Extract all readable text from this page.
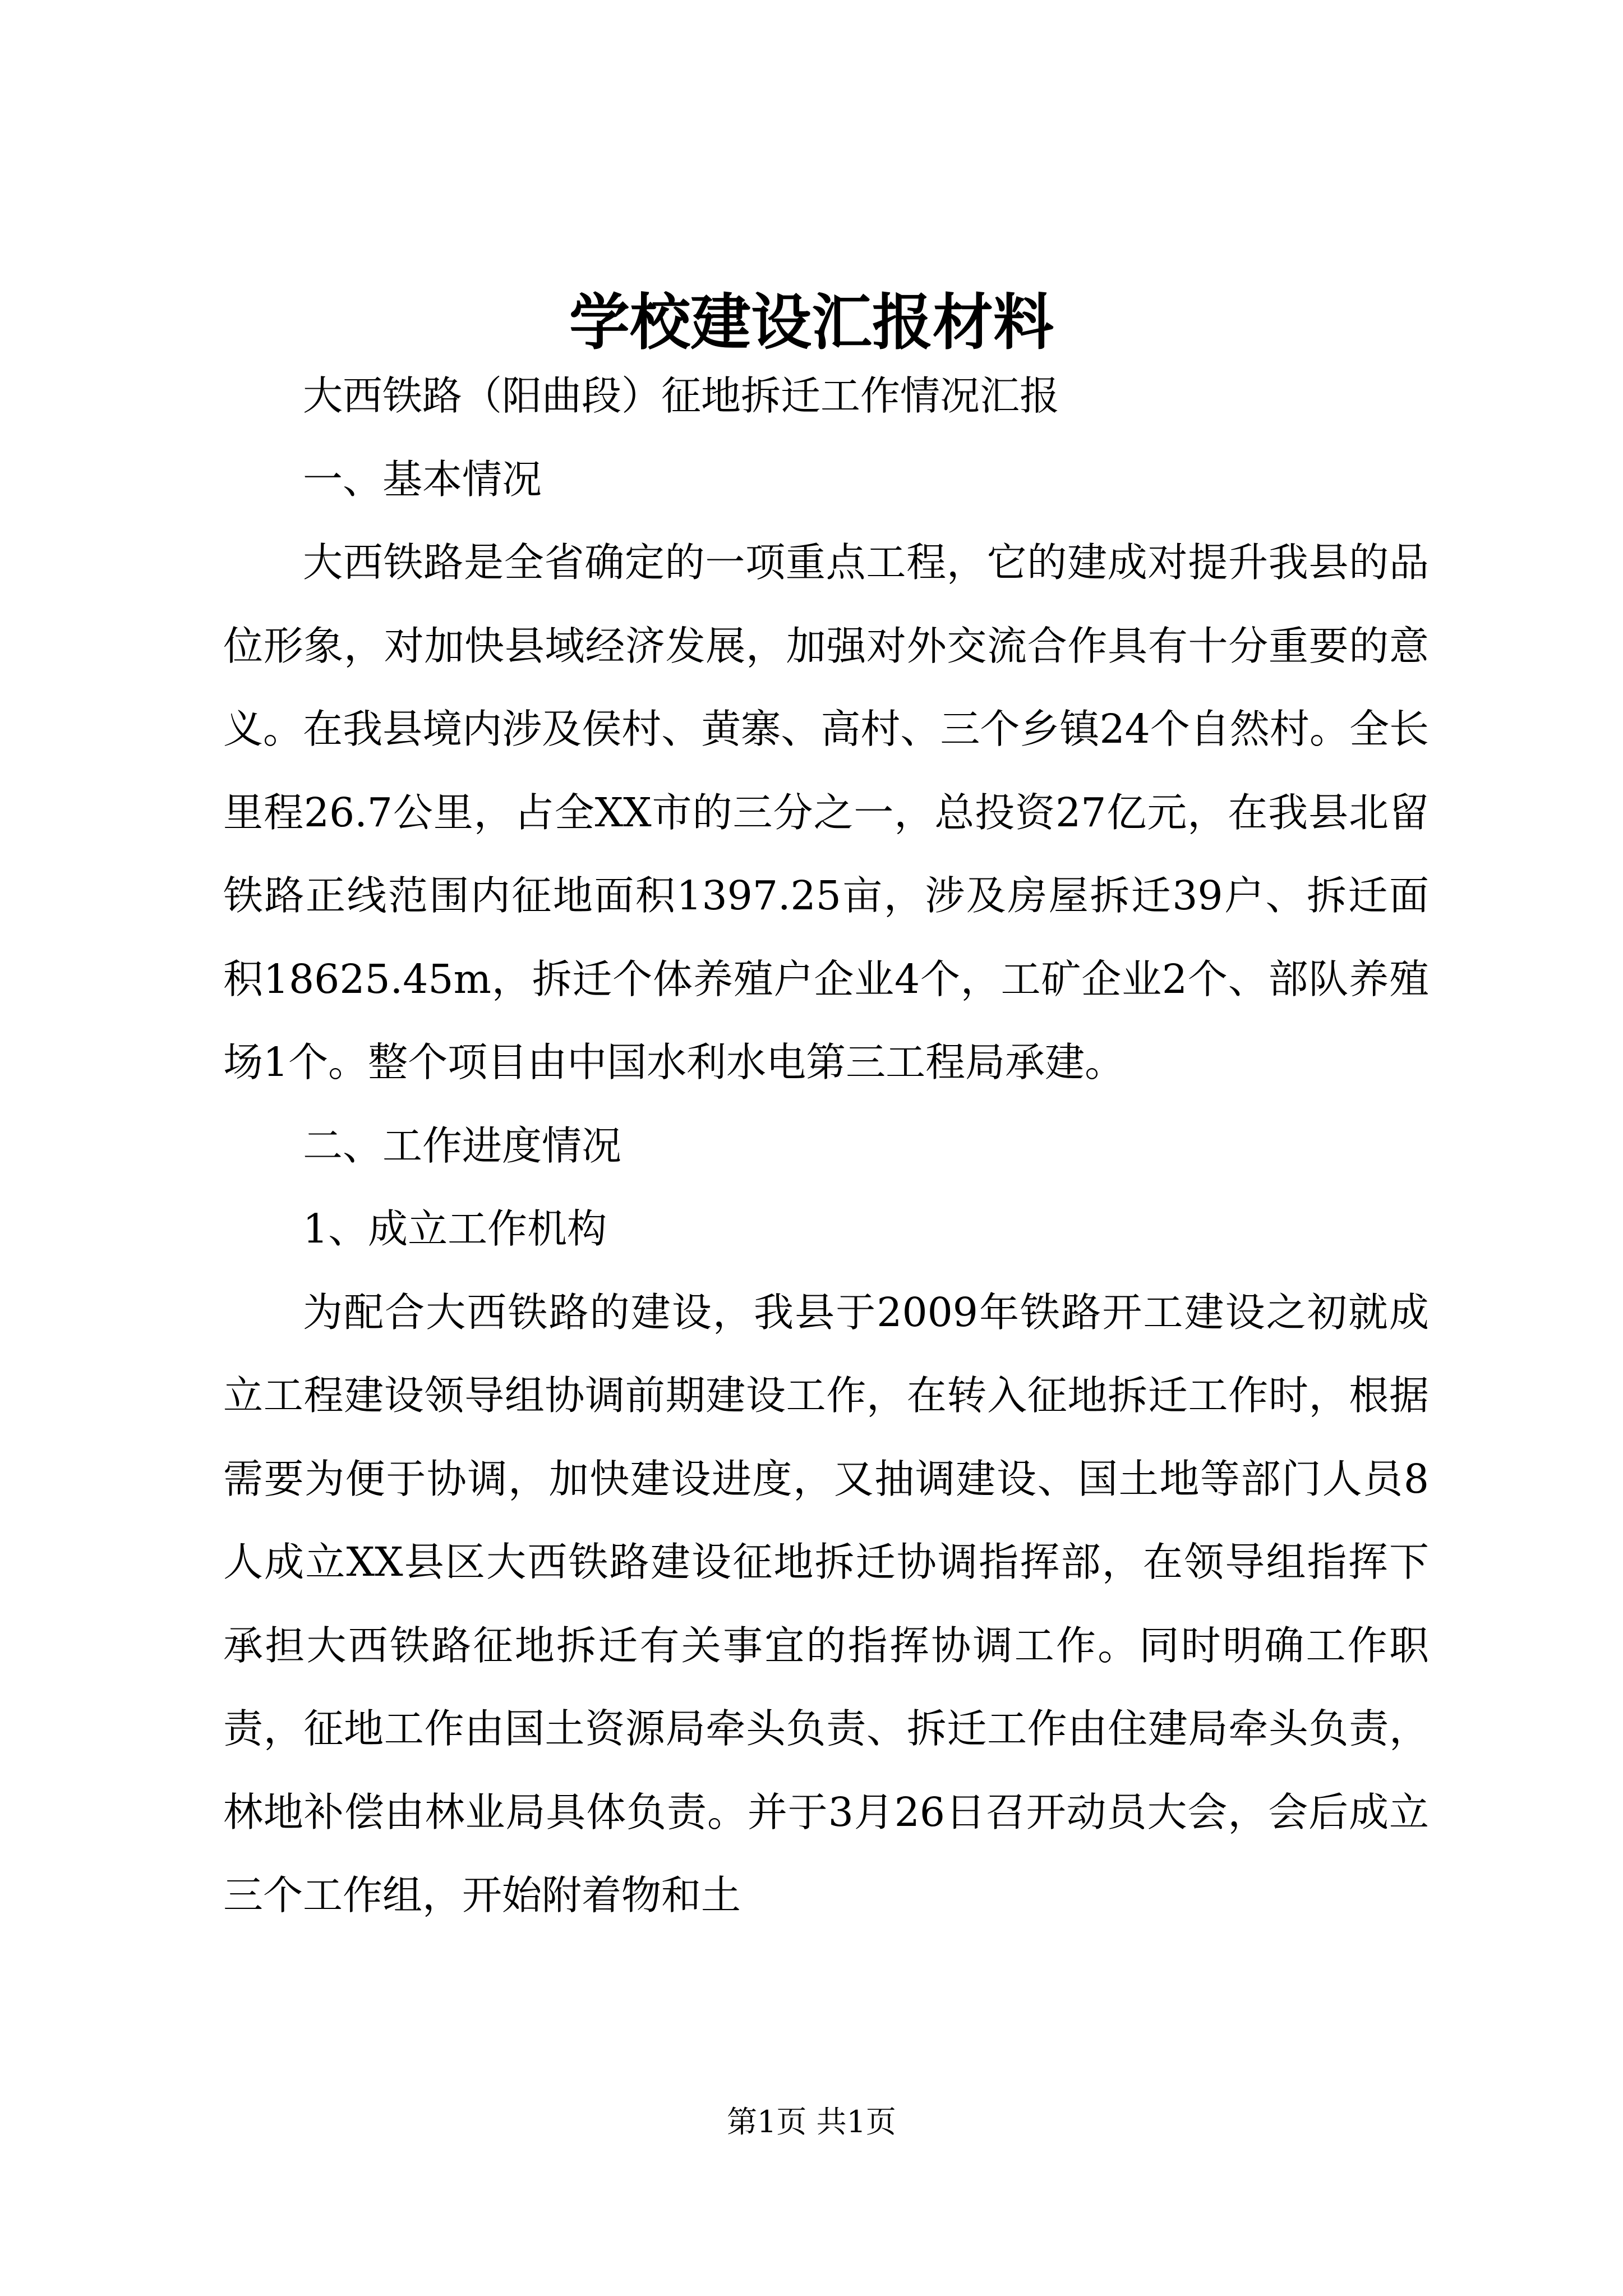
学校建设汇报材料

大西铁路（阳曲段）征地拆迁工作情况汇报

一、基本情况

大西铁路是全省确定的一项重点工程，它的建成对提升我县的品位形象，对加快县域经济发展，加强对外交流合作具有十分重要的意义。在我县境内涉及侯村、黄寨、高村、三个乡镇24个自然村。全长里程26.7公里，占全XX市的三分之一，总投资27亿元，在我县北留铁路正线范围内征地面积1397.25亩，涉及房屋拆迁39户、拆迁面积18625.45m，拆迁个体养殖户企业4个，工矿企业2个、部队养殖场1个。整个项目由中国水利水电第三工程局承建。

二、工作进度情况

1、成立工作机构

为配合大西铁路的建设，我县于2009年铁路开工建设之初就成立工程建设领导组协调前期建设工作，在转入征地拆迁工作时，根据需要为便于协调，加快建设进度，又抽调建设、国土地等部门人员8人成立XX县区大西铁路建设征地拆迁协调指挥部，在领导组指挥下承担大西铁路征地拆迁有关事宜的指挥协调工作。同时明确工作职责，征地工作由国土资源局牵头负责、拆迁工作由住建局牵头负责，林地补偿由林业局具体负责。并于3月26日召开动员大会，会后成立三个工作组，开始附着物和土

第1页 共1页
